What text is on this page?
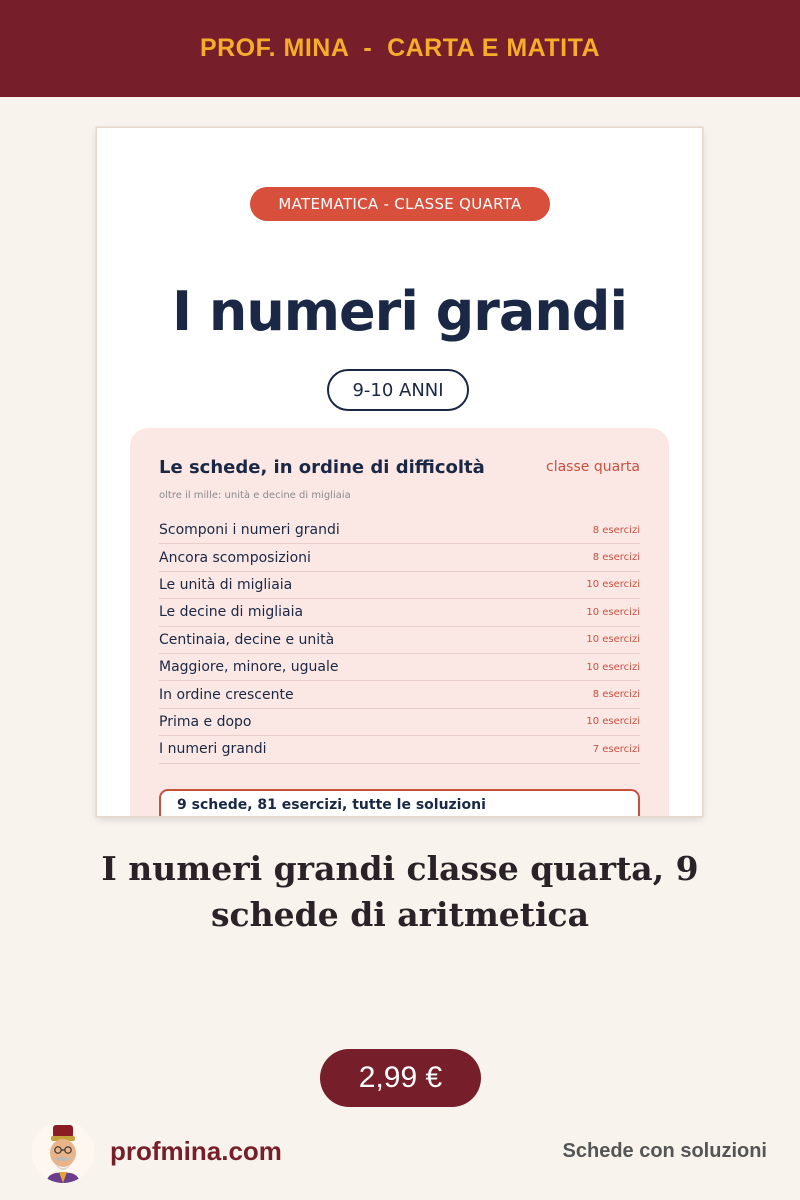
PROF. MINA  -  CARTA E MATITA
MATEMATICA - CLASSE QUARTA
I numeri grandi
9-10 ANNI
Le schede, in ordine di difficoltà	classe quarta
oltre il mille: unità e decine di migliaia
Scomponi i numeri grandi	8 esercizi
Ancora scomposizioni	8 esercizi
Le unità di migliaia	10 esercizi
Le decine di migliaia	10 esercizi
Centinaia, decine e unità	10 esercizi
Maggiore, minore, uguale	10 esercizi
In ordine crescente	8 esercizi
Prima e dopo	10 esercizi
I numeri grandi	7 esercizi
9 schede, 81 esercizi, tutte le soluzioni
I numeri grandi classe quarta, 9 schede di aritmetica
2,99 €
profmina.com	Schede con soluzioni
